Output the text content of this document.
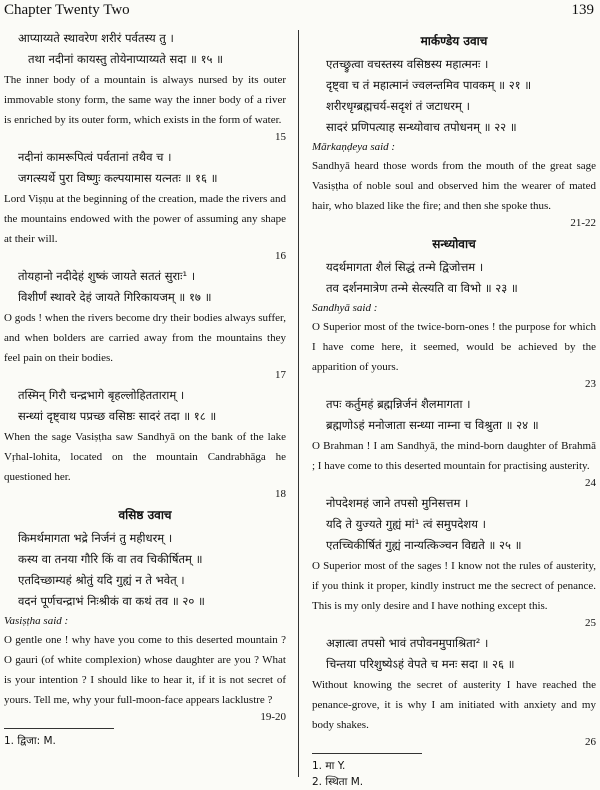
Chapter Twenty Two	139

आप्याय्यते स्थावरेण शरीरं पर्वतस्य तु ।

तथा नदीनां कायस्तु तोयेनाप्याय्यते सदा ॥ १५ ॥

The inner body of a mountain is always nursed by its outer immovable stony form, the same way the inner body of a river is enriched by its outer form, which exists in the form of water.

15

नदीनां कामरूपित्वं पर्वतानां तथैव च ।

जगत्स्यर्थे पुरा विष्णुः कल्पयामास यत्नतः ॥ १६ ॥

Lord Viṣṇu at the beginning of the creation, made the rivers and the mountains endowed with the power of assuming any shape at their will.

16

तोयहानो नदीदेहं शुष्कं जायते सततं सुराः¹ ।

विशीर्णं स्थावरे देहं जायते गिरिकायजम् ॥ १७ ॥

O gods ! when the rivers become dry their bodies always suffer, and when bolders are carried away from the mountains they feel pain on their bodies.

17

तस्मिन् गिरौ चन्द्रभागे बृहल्लोहितताराम् ।

सन्ध्यां दृष्ट्वाथ पप्रच्छ वसिष्ठः सादरं तदा ॥ १८ ॥

When the sage Vasiṣṭha saw Sandhyā on the bank of the lake Vṛhal-lohita, located on the mountain Candrabhāga he questioned her.

18

वसिष्ठ उवाच

किमर्थमागता भद्रे निर्जनं तु महीधरम् ।

कस्य वा तनया गौरि किं वा तव चिकीर्षितम् ॥

एतदिच्छाम्यहं श्रोतुं यदि गुह्यं न ते भवेत् ।

वदनं पूर्णचन्द्राभं निःश्रीकं वा कथं तव ॥ २० ॥

Vasiṣṭha said :

O gentle one ! why have you come to this deserted mountain ? O gauri (of white complexion) whose daughter are you ? What is your intention ? I should like to hear it, if it is not secret of yours. Tell me, why your full-moon-face appears lacklustre ?

19-20

1. द्विजा: M.

मार्कण्डेय उवाच

एतच्छ्रुत्वा वचस्तस्य वसिष्ठस्य महात्मनः ।

दृष्ट्वा च तं महात्मानं ज्वलन्तमिव पावकम् ॥ २१ ॥

शरीरधृग्ब्रह्मचर्य-सदृशं तं जटाधरम् ।

सादरं प्रणिपत्याह सन्ध्योवाच तपोधनम् ॥ २२ ॥

Mārkaṇḍeya said :

Sandhyā heard those words from the mouth of the great sage Vasiṣṭha of noble soul and observed him the wearer of mated hair, who blazed like the fire; and then she spoke thus.

21-22

सन्ध्योवाच

यदर्थमागता शैलं सिद्धं तन्मे द्विजोत्तम ।

तव दर्शनमात्रेण तन्मे सेत्स्यति वा विभो ॥ २३ ॥

Sandhyā said :

O Superior most of the twice-born-ones ! the purpose for which I have come here, it seemed, would be achieved by the apparition of yours.

23

तपः कर्तुमहं ब्रह्मन्निर्जनं शैलमागता ।

ब्रह्मणोऽहं मनोजाता सन्ध्या नाम्ना च विश्रुता ॥ २४ ॥

O Brahman ! I am Sandhyā, the mind-born daughter of Brahmā ; I have come to this deserted mountain for practising austerity.

24

नोपदेशमहं जाने तपसो मुनिसत्तम ।

यदि ते युज्यते गुह्यं मां¹ त्वं समुपदेशय ।

एतच्चिकीर्षितं गुह्यं नान्यत्किञ्चन विद्यते ॥ २५ ॥

O Superior most of the sages ! I know not the rules of austerity, if you think it proper, kindly instruct me the secrect of penance. This is my only desire and I have nothing except this.

25

अज्ञात्वा तपसो भावं तपोवनमुपाश्रिता² ।

चिन्तया परिशुष्येऽहं वेपते च मनः सदा ॥ २६ ॥

Without knowing the secret of austerity I have reached the penance-grove, it is why I am initiated with anxiety and my body shakes.

26

1. मा Y.

2. स्थिता M.
